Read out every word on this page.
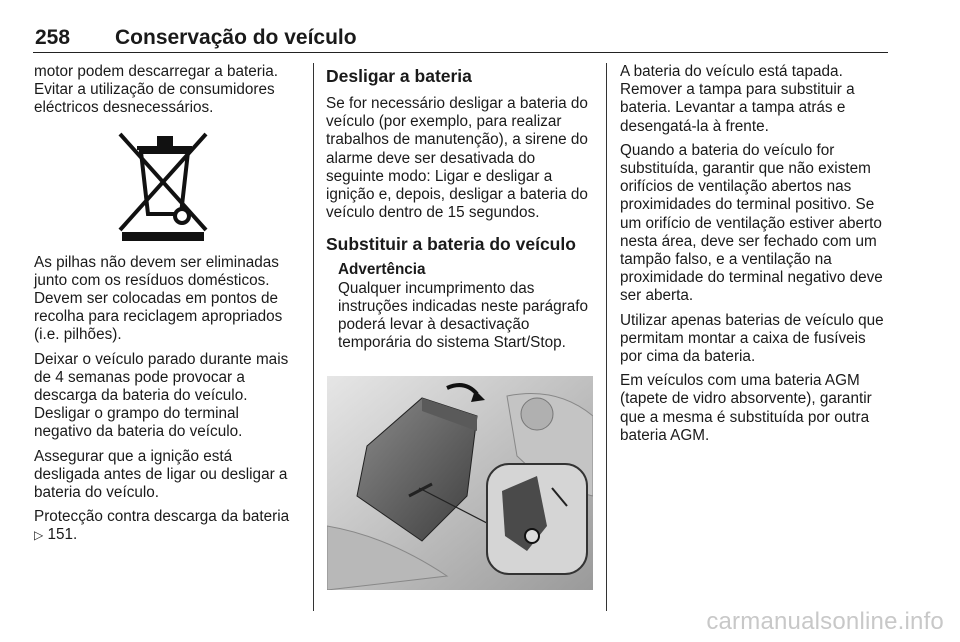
258 Conservação do veículo

motor podem descarregar a bateria. Evitar a utilização de consumidores eléctricos desnecessários.

As pilhas não devem ser eliminadas junto com os resíduos domésticos. Devem ser colocadas em pontos de recolha para reciclagem apropriados (i.e. pilhões).

Deixar o veículo parado durante mais de 4 semanas pode provocar a descarga da bateria do veículo. Desligar o grampo do terminal negativo da bateria do veículo.

Assegurar que a ignição está desligada antes de ligar ou desligar a bateria do veículo.

Protecção contra descarga da bateria ▷ 151.

Desligar a bateria

Se for necessário desligar a bateria do veículo (por exemplo, para realizar trabalhos de manutenção), a sirene do alarme deve ser desativada do seguinte modo: Ligar e desligar a ignição e, depois, desligar a bateria do veículo dentro de 15 segundos.

Substituir a bateria do veículo
Advertência
Qualquer incumprimento das instruções indicadas neste parágrafo poderá levar à desactivação temporária do sistema Start/Stop.

A bateria do veículo está tapada. Remover a tampa para substituir a bateria. Levantar a tampa atrás e desengatá-la à frente.

Quando a bateria do veículo for substituída, garantir que não existem orifícios de ventilação abertos nas proximidades do terminal positivo. Se um orifício de ventilação estiver aberto nesta área, deve ser fechado com um tampão falso, e a ventilação na proximidade do terminal negativo deve ser aberta.

Utilizar apenas baterias de veículo que permitam montar a caixa de fusíveis por cima da bateria.

Em veículos com uma bateria AGM (tapete de vidro absorvente), garantir que a mesma é substituída por outra bateria AGM.

carmanualsonline.info
